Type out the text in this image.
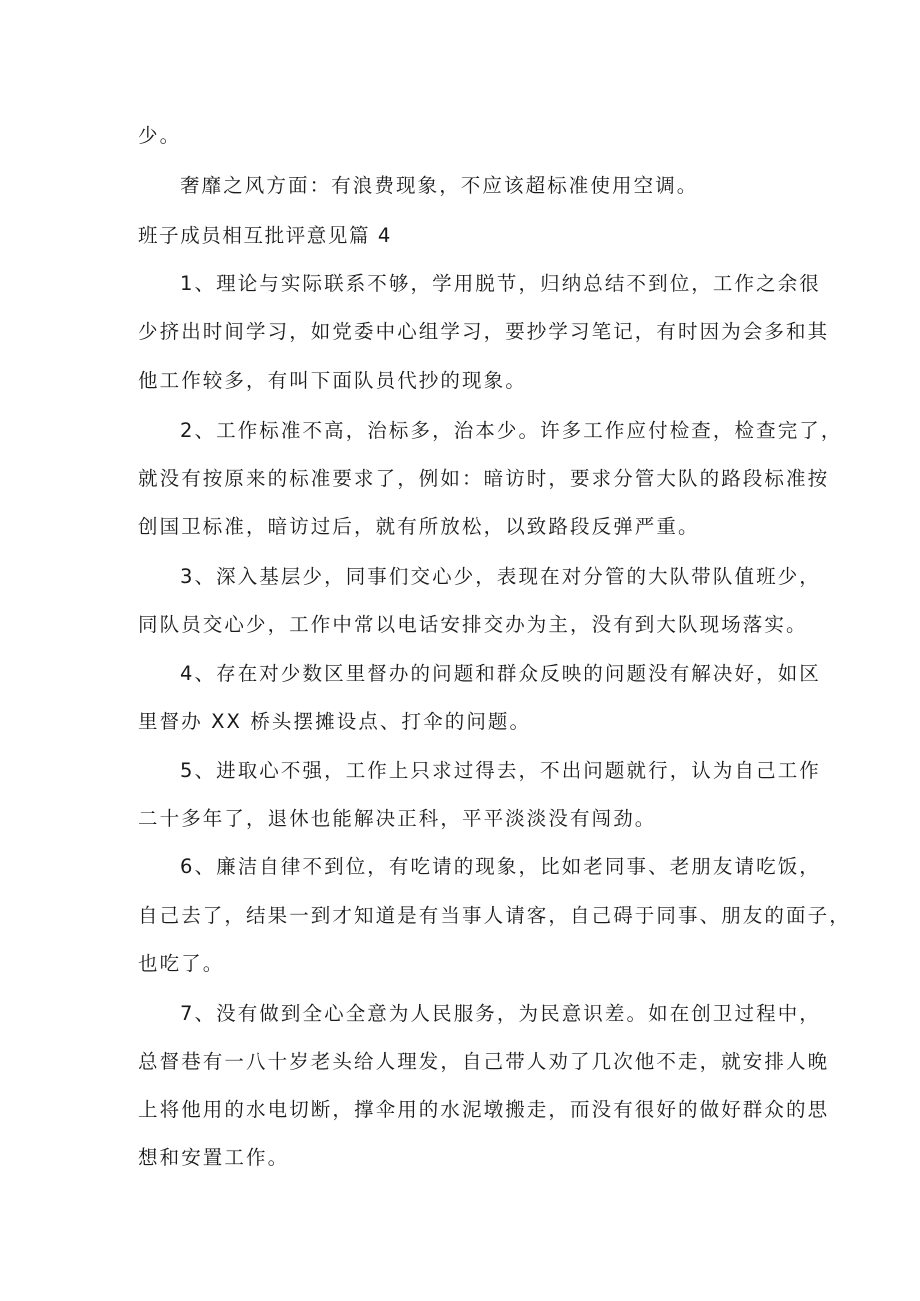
少。
奢靡之风方面：有浪费现象，不应该超标准使用空调。
班子成员相互批评意见篇 4
1、理论与实际联系不够，学用脱节，归纳总结不到位，工作之余很
少挤出时间学习，如党委中心组学习，要抄学习笔记，有时因为会多和其
他工作较多，有叫下面队员代抄的现象。
2、工作标准不高，治标多，治本少。许多工作应付检查，检查完了，
就没有按原来的标准要求了，例如：暗访时，要求分管大队的路段标准按
创国卫标准，暗访过后，就有所放松，以致路段反弹严重。
3、深入基层少，同事们交心少，表现在对分管的大队带队值班少，
同队员交心少，工作中常以电话安排交办为主，没有到大队现场落实。
4、存在对少数区里督办的问题和群众反映的问题没有解决好，如区
里督办 XX 桥头摆摊设点、打伞的问题。
5、进取心不强，工作上只求过得去，不出问题就行，认为自己工作
二十多年了，退休也能解决正科，平平淡淡没有闯劲。
6、廉洁自律不到位，有吃请的现象，比如老同事、老朋友请吃饭，
自己去了，结果一到才知道是有当事人请客，自己碍于同事、朋友的面子，
也吃了。
7、没有做到全心全意为人民服务，为民意识差。如在创卫过程中，
总督巷有一八十岁老头给人理发，自己带人劝了几次他不走，就安排人晚
上将他用的水电切断，撑伞用的水泥墩搬走，而没有很好的做好群众的思
想和安置工作。
